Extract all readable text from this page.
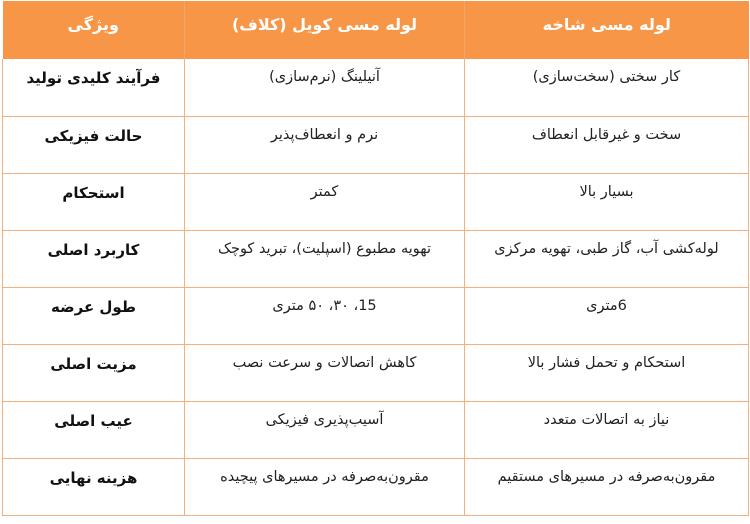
لوله مسی شاخه	لوله مسی کویل (کلاف)	ویژگی
کار سختی (سخت‌سازی)	آنیلینگ (نرم‌سازی)	فرآیند کلیدی تولید
سخت و غیرقابل انعطاف	نرم و انعطاف‌پذیر	حالت فیزیکی
بسیار بالا	کمتر	استحکام
لوله‌کشی آب، گاز طبی، تهویه مرکزی	تهویه مطبوع (اسپلیت)، تبرید کوچک	کاربرد اصلی
6متری	15، ۳۰، ۵۰ متری	طول عرضه
استحکام و تحمل فشار بالا	کاهش اتصالات و سرعت نصب	مزیت اصلی
نیاز به اتصالات متعدد	آسیب‌پذیری فیزیکی	عیب اصلی
مقرون‌به‌صرفه در مسیرهای مستقیم	مقرون‌به‌صرفه در مسیرهای پیچیده	هزینه نهایی
